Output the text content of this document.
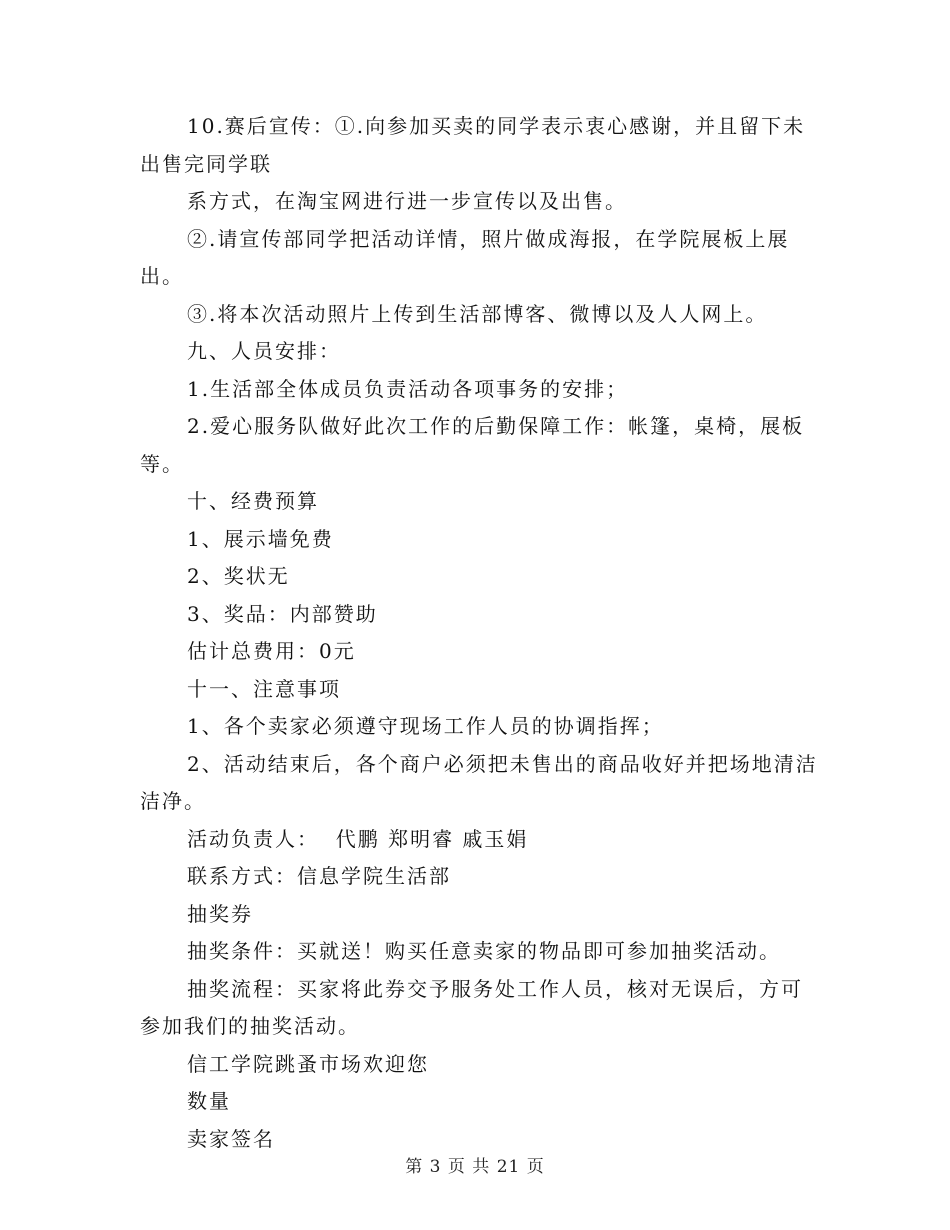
10.赛后宣传：①.向参加买卖的同学表示衷心感谢，并且留下未出售完同学联

系方式，在淘宝网进行进一步宣传以及出售。

②.请宣传部同学把活动详情，照片做成海报，在学院展板上展出。

③.将本次活动照片上传到生活部博客、微博以及人人网上。

九、人员安排：

1.生活部全体成员负责活动各项事务的安排；

2.爱心服务队做好此次工作的后勤保障工作：帐篷，桌椅，展板等。

十、经费预算

1、展示墙免费

2、奖状无

3、奖品：内部赞助

估计总费用：0元

十一、注意事项

1、各个卖家必须遵守现场工作人员的协调指挥；

2、活动结束后，各个商户必须把未售出的商品收好并把场地清洁洁净。

活动负责人：  代鹏 郑明睿 戚玉娟

联系方式：信息学院生活部

抽奖券

抽奖条件：买就送！购买任意卖家的物品即可参加抽奖活动。

抽奖流程：买家将此券交予服务处工作人员，核对无误后，方可参加我们的抽奖活动。

信工学院跳蚤市场欢迎您

数量

卖家签名

第 3 页 共 21 页
